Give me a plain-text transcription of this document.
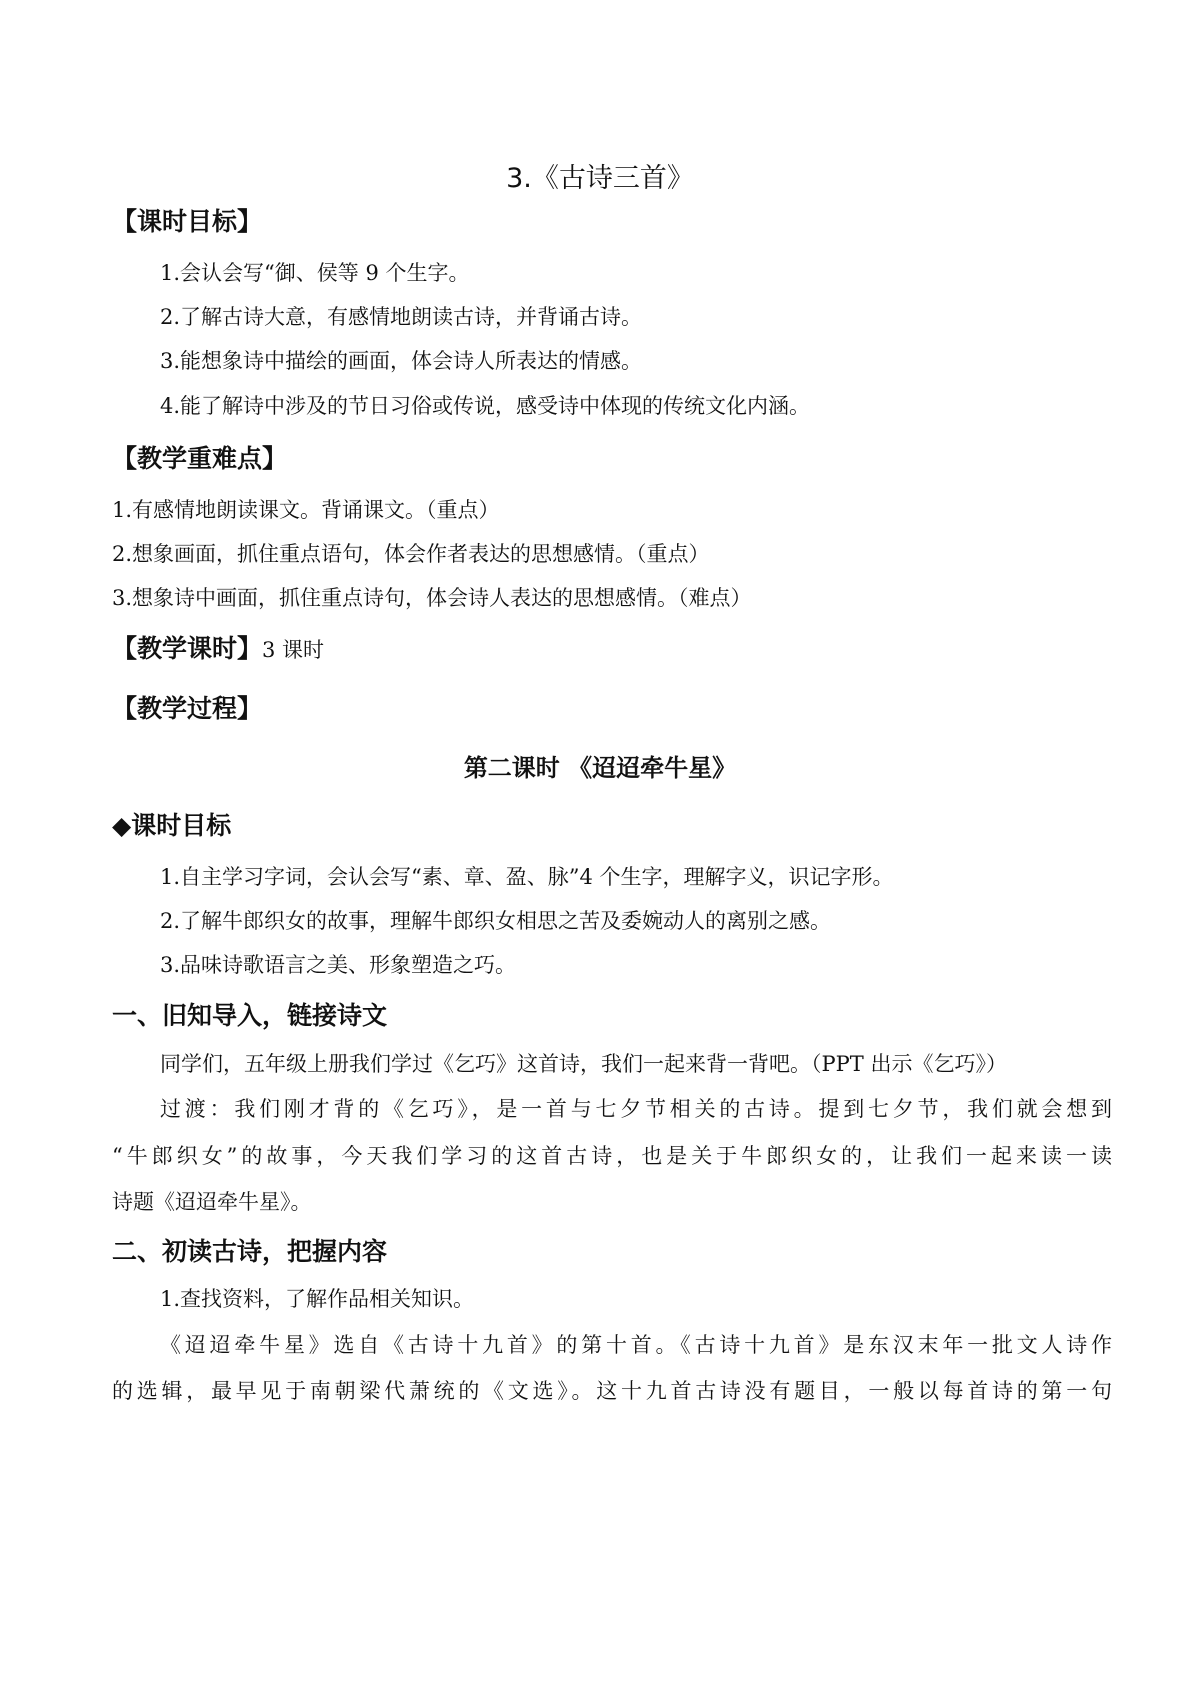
3.《古诗三首》
【课时目标】
1.会认会写“御、侯等 9 个生字。
2.了解古诗大意，有感情地朗读古诗，并背诵古诗。
3.能想象诗中描绘的画面，体会诗人所表达的情感。
4.能了解诗中涉及的节日习俗或传说，感受诗中体现的传统文化内涵。
【教学重难点】
1.有感情地朗读课文。背诵课文。（重点）
2.想象画面，抓住重点语句，体会作者表达的思想感情。（重点）
3.想象诗中画面，抓住重点诗句，体会诗人表达的思想感情。（难点）
【教学课时】3 课时
【教学过程】
第二课时 《迢迢牵牛星》
◆课时目标
1.自主学习字词，会认会写“素、章、盈、脉”4 个生字，理解字义，识记字形。
2.了解牛郎织女的故事，理解牛郎织女相思之苦及委婉动人的离别之感。
3.品味诗歌语言之美、形象塑造之巧。
一、旧知导入，链接诗文
同学们，五年级上册我们学过《乞巧》这首诗，我们一起来背一背吧。（PPT 出示《乞巧》）
过渡：我们刚才背的《乞巧》，是一首与七夕节相关的古诗。提到七夕节，我们就会想到
“牛郎织女”的故事，今天我们学习的这首古诗，也是关于牛郎织女的，让我们一起来读一读
诗题《迢迢牵牛星》。
二、初读古诗，把握内容
1.查找资料，了解作品相关知识。
《迢迢牵牛星》选自《古诗十九首》的第十首。《古诗十九首》是东汉末年一批文人诗作
的选辑，最早见于南朝梁代萧统的《文选》。这十九首古诗没有题目，一般以每首诗的第一句
